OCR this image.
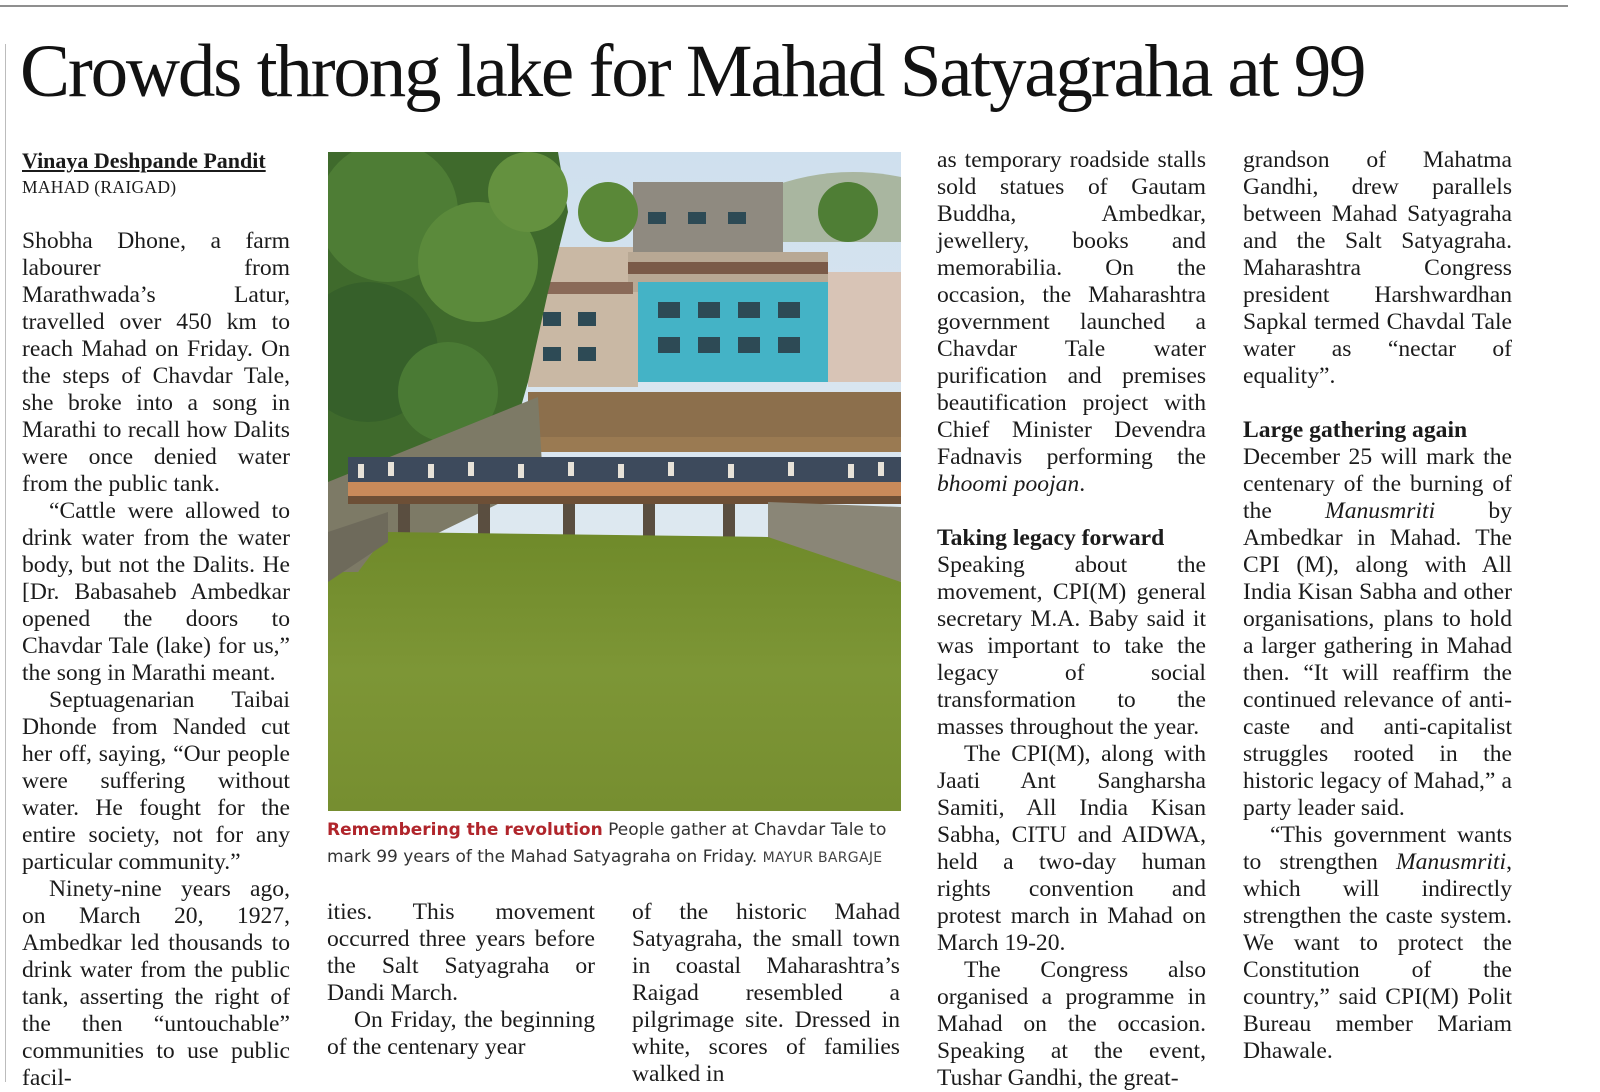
Crowds throng lake for Mahad Satyagraha at 99

Vinaya Deshpande Pandit

MAHAD (RAIGAD)

Shobha Dhone, a farm labourer from Marathwada’s Latur, travelled over 450 km to reach Mahad on Friday. On the steps of Chavdar Tale, she broke into a song in Marathi to recall how Dalits were once denied water from the public tank.

“Cattle were allowed to drink water from the water body, but not the Dalits. He [Dr. Babasaheb Ambedkar opened the doors to Chavdar Tale (lake) for us,” the song in Marathi meant.

Septuagenarian Taibai Dhonde from Nanded cut her off, saying, “Our people were suffering without water. He fought for the entire society, not for any particular community.”

Ninety-nine years ago, on March 20, 1927, Ambedkar led thousands to drink water from the public tank, asserting the right of the then “untouchable” communities to use public facil-

Remembering the revolution People gather at Chavdar Tale to mark 99 years of the Mahad Satyagraha on Friday. MAYUR BARGAJE

ities. This movement occurred three years before the Salt Satyagraha or Dandi March.

On Friday, the beginning of the centenary year

of the historic Mahad Satyagraha, the small town in coastal Maharashtra’s Raigad resembled a pilgrimage site. Dressed in white, scores of families walked in

as temporary roadside stalls sold statues of Gautam Buddha, Ambedkar, jewellery, books and memorabilia. On the occasion, the Maharashtra government launched a Chavdar Tale water purification and premises beautification project with Chief Minister Devendra Fadnavis performing the bhoomi poojan.

Taking legacy forward

Speaking about the movement, CPI(M) general secretary M.A. Baby said it was important to take the legacy of social transformation to the masses throughout the year.

The CPI(M), along with Jaati Ant Sangharsha Samiti, All India Kisan Sabha, CITU and AIDWA, held a two-day human rights convention and protest march in Mahad on March 19-20.

The Congress also organised a programme in Mahad on the occasion. Speaking at the event, Tushar Gandhi, the great-

grandson of Mahatma Gandhi, drew parallels between Mahad Satyagraha and the Salt Satyagraha. Maharashtra Congress president Harshwardhan Sapkal termed Chavdal Tale water as “nectar of equality”.

Large gathering again

December 25 will mark the centenary of the burning of the Manusmriti by Ambedkar in Mahad. The CPI (M), along with All India Kisan Sabha and other organisations, plans to hold a larger gathering in Mahad then. “It will reaffirm the continued relevance of anti-caste and anti-capitalist struggles rooted in the historic legacy of Mahad,” a party leader said.

“This government wants to strengthen Manusmriti, which will indirectly strengthen the caste system. We want to protect the Constitution of the country,” said CPI(M) Polit Bureau member Mariam Dhawale.
